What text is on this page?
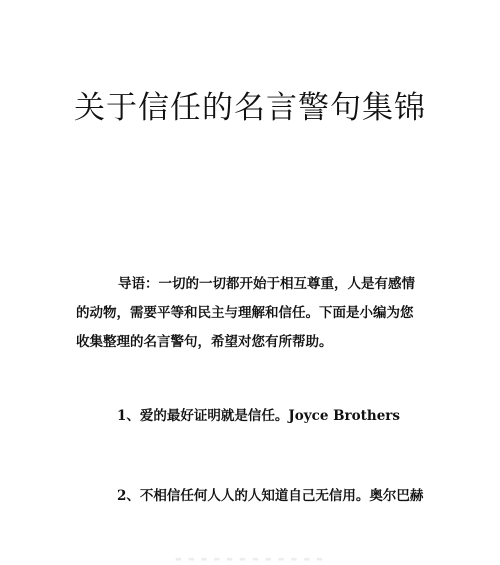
关于信任的名言警句集锦
导语：一切的一切都开始于相互尊重，人是有感情
的动物，需要平等和民主与理解和信任。下面是小编为您
收集整理的名言警句，希望对您有所帮助。
1、爱的最好证明就是信任。Joyce Brothers
2、不相信任何人人的人知道自己无信用。奥尔巴赫
▬ ▬ ▬ ▬ ▬ ▬ ▬ ▬ ▬ ▬ ▬ ▬
